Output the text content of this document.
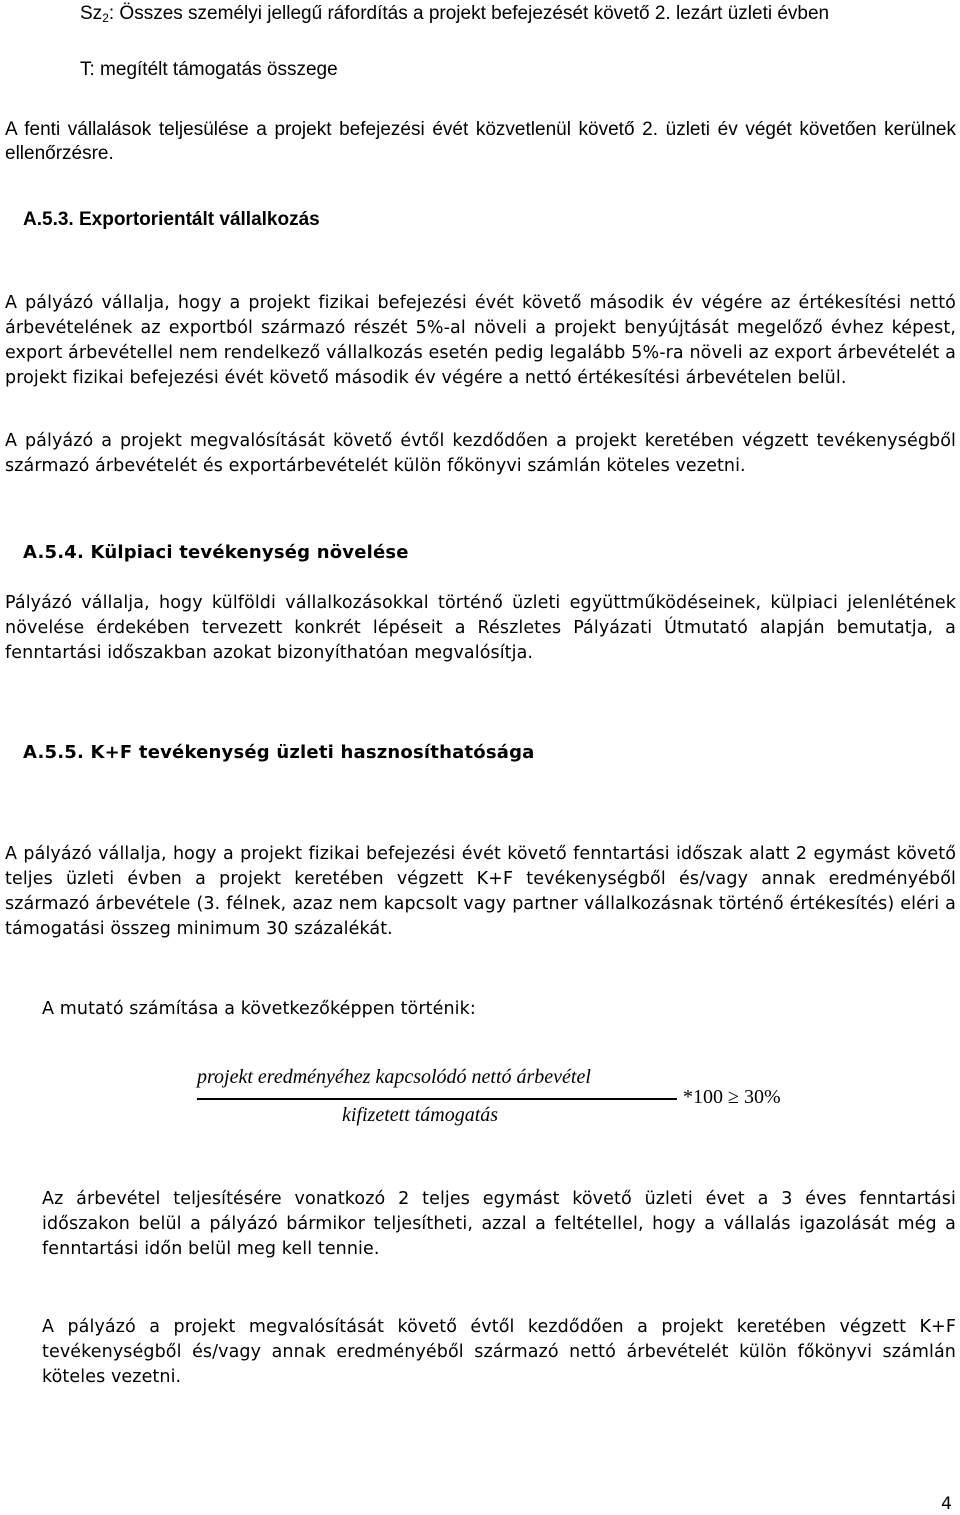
$Sz_2$: Összes személyi jellegű ráfordítás a projekt befejezését követő 2. lezárt üzleti évben
T: megítélt támogatás összege
A fenti vállalások teljesülése a projekt befejezési évét közvetlenül követő 2. üzleti év végét követően kerülnek ellenőrzésre.
A.5.3. Exportorientált vállalkozás
A pályázó vállalja, hogy a projekt fizikai befejezési évét követő második év végére az értékesítési nettó árbevételének az exportból származó részét 5%-al növeli a projekt benyújtását megelőző évhez képest, export árbevétellel nem rendelkező vállalkozás esetén pedig legalább 5%-ra növeli az export árbevételét a projekt fizikai befejezési évét követő második év végére a nettó értékesítési árbevételen belül.
A pályázó a projekt megvalósítását követő évtől kezdődően a projekt keretében végzett tevékenységből származó árbevételét és exportárbevételét külön főkönyvi számlán köteles vezetni.
A.5.4. Külpiaci tevékenység növelése
Pályázó vállalja, hogy külföldi vállalkozásokkal történő üzleti együttműködéseinek, külpiaci jelenlétének növelése érdekében tervezett konkrét lépéseit a Részletes Pályázati Útmutató alapján bemutatja, a fenntartási időszakban azokat bizonyíthatóan megvalósítja.
A.5.5. K+F tevékenység üzleti hasznosíthatósága
A pályázó vállalja, hogy a projekt fizikai befejezési évét követő fenntartási időszak alatt 2 egymást követő teljes üzleti évben a projekt keretében végzett K+F tevékenységből és/vagy annak eredményéből származó árbevétele (3. félnek, azaz nem kapcsolt vagy partner vállalkozásnak történő értékesítés) eléri a támogatási összeg minimum 30 százalékát.
A mutató számítása a következőképpen történik:
projekt eredményéhez kapcsolódó nettó árbevétel
kifizetett támogatás
*100 ≥ 30%
Az árbevétel teljesítésére vonatkozó 2 teljes egymást követő üzleti évet a 3 éves fenntartási időszakon belül a pályázó bármikor teljesítheti, azzal a feltétellel, hogy a vállalás igazolását még a fenntartási időn belül meg kell tennie.
A pályázó a projekt megvalósítását követő évtől kezdődően a projekt keretében végzett K+F tevékenységből és/vagy annak eredményéből származó nettó árbevételét külön főkönyvi számlán köteles vezetni.
4
